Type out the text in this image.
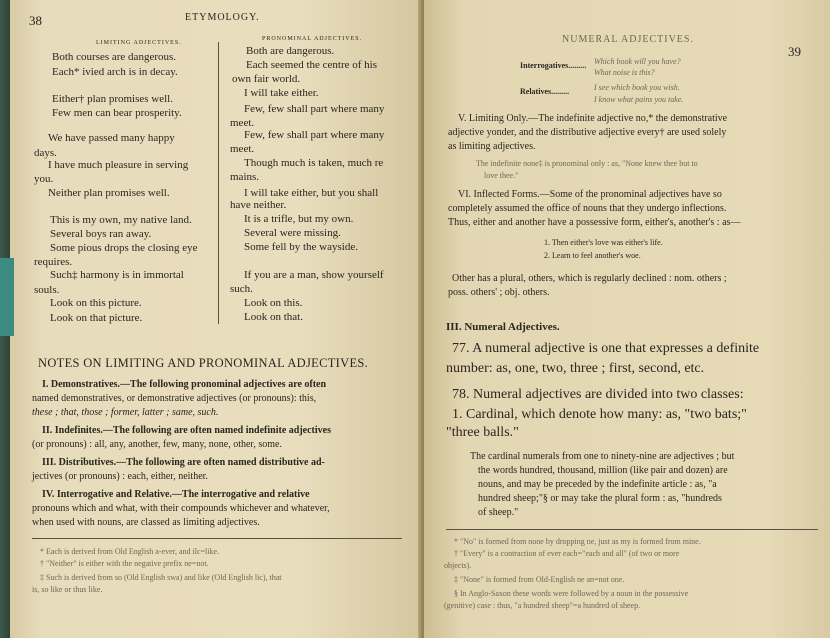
38	ETYMOLOGY.
LIMITING ADJECTIVES.
PRONOMINAL ADJECTIVES.
Both courses are dangerous.
Each* ivied arch is in decay.
Either† plan promises well.
Few men can bear prosperity.
We have passed many happy
days.
I have much pleasure in serving
you.
Neither plan promises well.
This is my own, my native land.
Several boys ran away.
Some pious drops the closing eye
requires.
Such‡ harmony is in immortal
souls.
Look on this picture.
Look on that picture.
Both are dangerous.
Each seemed the centre of his
own fair world.
I will take either.
Few, few shall part where many
meet.
Few, few shall part where many
meet.
Though much is taken, much re
mains.
I will take either, but you shall
have neither.
It is a trifle, but my own.
Several were missing.
Some fell by the wayside.
If you are a man, show yourself
such.
Look on this.
Look on that.
NOTES ON LIMITING AND PRONOMINAL ADJECTIVES.
I. Demonstratives.—The following pronominal adjectives are often
named demonstratives, or demonstrative adjectives (or pronouns): this,
these ; that, those ; former, latter ; same, such.
II. Indefinites.—The following are often named indefinite adjectives
(or pronouns) : all, any, another, few, many, none, other, some.
III. Distributives.—The following are often named distributive ad-
jectives (or pronouns) : each, either, neither.
IV. Interrogative and Relative.—The interrogative and relative
pronouns which and what, with their compounds whichever and whatever,
when used with nouns, are classed as limiting adjectives.
* Each is derived from Old English a-ever, and ilc=like.
† "Neither" is either with the negative prefix ne=not.
‡ Such is derived from so (Old English swa) and like (Old English lic), that
is, so like or thus like.
NUMERAL ADJECTIVES.
39
Interrogatives......... Which book will you have?
What noise is this?
Relatives.........	I see which book you wish.
I know what pains you take.
V. Limiting Only.—The indefinite adjective no,* the demonstrative
adjective yonder, and the distributive adjective every† are used solely
as limiting adjectives.
The indefinite none‡ is pronominal only : as, "None knew thee but to
love thee."
VI. Inflected Forms.—Some of the pronominal adjectives have so
completely assumed the office of nouns that they undergo inflections.
Thus, either and another have a possessive form, either's, another's : as—
1. Then either's love was either's life.
2. Learn to feel another's woe.
Other has a plural, others, which is regularly declined : nom. others ;
poss. others' ; obj. others.
III. Numeral Adjectives.
77. A numeral adjective is one that expresses a definite
number: as, one, two, three ; first, second, etc.
78. Numeral adjectives are divided into two classes:
1. Cardinal, which denote how many: as, "two bats;"
"three balls."
The cardinal numerals from one to ninety-nine are adjectives ; but
the words hundred, thousand, million (like pair and dozen) are
nouns, and may be preceded by the indefinite article : as, "a
hundred sheep;"§ or may take the plural form : as, "hundreds
of sheep."
* "No" is formed from none by dropping ne, just as my is formed from mine.
† "Every" is a contraction of ever each="each and all" (of two or more
objects).
‡ "None" is formed from Old-English ne an=not one.
§ In Anglo-Saxon these words were followed by a noun in the possessive
(genitive) case : thus, "a hundred sheep"=a hundred of sheep.
